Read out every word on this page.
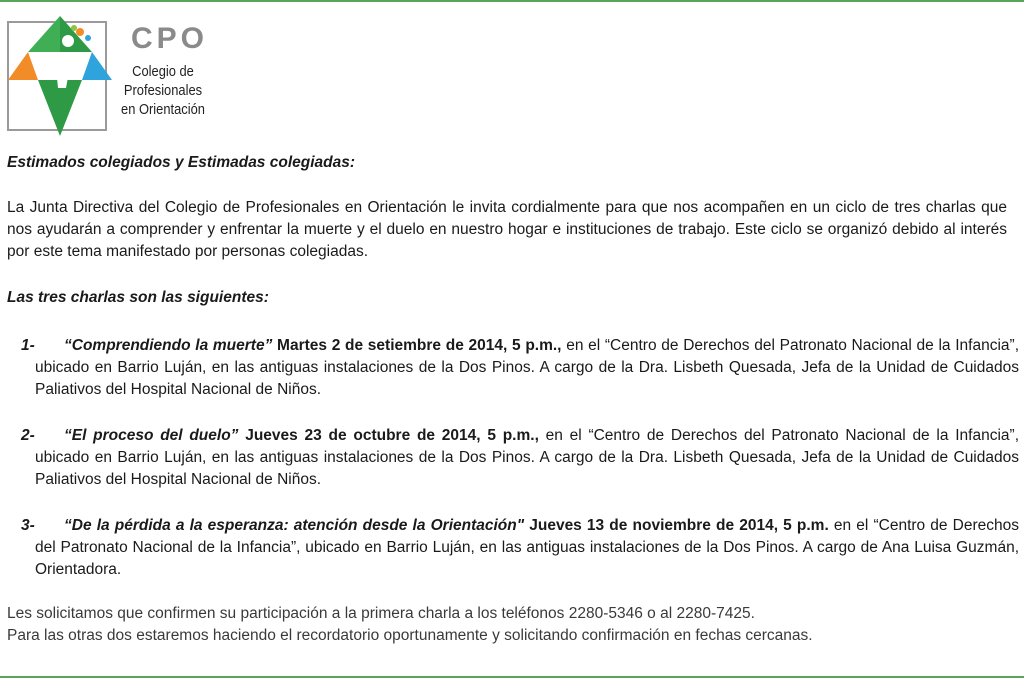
CPO
Colegio de
Profesionales
en Orientación
Estimados colegiados y Estimadas colegiadas:
La Junta Directiva del Colegio de Profesionales en Orientación le invita cordialmente para que nos acompañen en un ciclo de tres charlas que nos ayudarán a comprender y enfrentar la muerte y el duelo en nuestro hogar e instituciones de trabajo. Este ciclo se organizó debido al interés por este tema manifestado por personas colegiadas.
Las tres charlas son las siguientes:
1-	“Comprendiendo la muerte” Martes 2 de setiembre de 2014, 5 p.m., en el “Centro de Derechos del Patronato Nacional de la Infancia”, ubicado en Barrio Luján, en las antiguas instalaciones de la Dos Pinos. A cargo de la Dra. Lisbeth Quesada, Jefa de la Unidad de Cuidados Paliativos del Hospital Nacional de Niños.
2-	“El proceso del duelo” Jueves 23 de octubre de 2014, 5 p.m., en el “Centro de Derechos del Patronato Nacional de la Infancia”, ubicado en Barrio Luján, en las antiguas instalaciones de la Dos Pinos. A cargo de la Dra. Lisbeth Quesada, Jefa de la Unidad de Cuidados Paliativos del Hospital Nacional de Niños.
3-	“De la pérdida a la esperanza: atención desde la Orientación" Jueves 13 de noviembre de 2014, 5 p.m. en el “Centro de Derechos del Patronato Nacional de la Infancia”, ubicado en Barrio Luján, en las antiguas instalaciones de la Dos Pinos. A cargo de Ana Luisa Guzmán, Orientadora.
Les solicitamos que confirmen su participación a la primera charla a los teléfonos 2280-5346 o al 2280-7425.
Para las otras dos estaremos haciendo el recordatorio oportunamente y solicitando confirmación en fechas cercanas.
